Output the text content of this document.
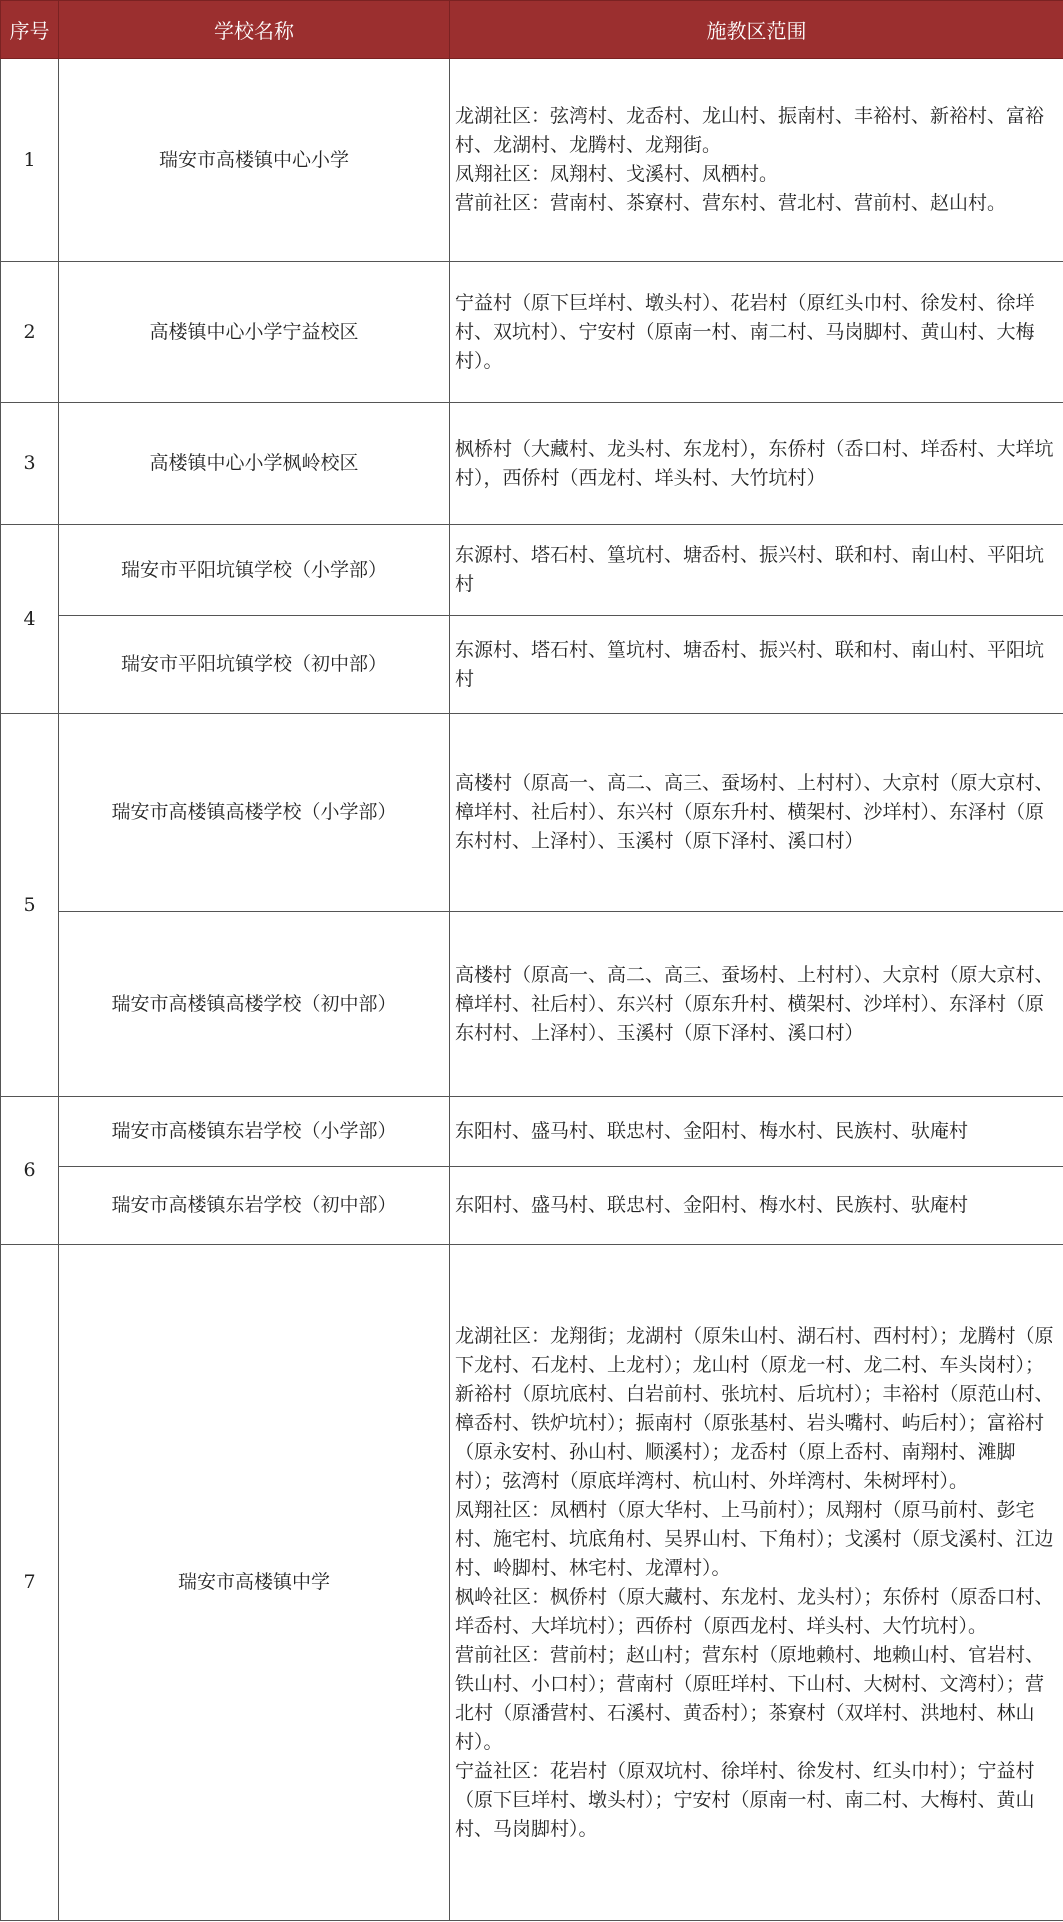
序号	学校名称	施教区范围
1	瑞安市高楼镇中心小学	龙湖社区：弦湾村、龙岙村、龙山村、振南村、丰裕村、新裕村、富裕村、龙湖村、龙腾村、龙翔街。
凤翔社区：凤翔村、戈溪村、凤栖村。
营前社区：营南村、茶寮村、营东村、营北村、营前村、赵山村。
2	高楼镇中心小学宁益校区	宁益村（原下巨垟村、墩头村）、花岩村（原红头巾村、徐发村、徐垟村、双坑村）、宁安村（原南一村、南二村、马岗脚村、黄山村、大梅村）。
3	高楼镇中心小学枫岭校区	枫桥村（大藏村、龙头村、东龙村），东侨村（岙口村、垟岙村、大垟坑村），西侨村（西龙村、垟头村、大竹坑村）
4	瑞安市平阳坑镇学校（小学部）	东源村、塔石村、篁坑村、塘岙村、振兴村、联和村、南山村、平阳坑村
	瑞安市平阳坑镇学校（初中部）	东源村、塔石村、篁坑村、塘岙村、振兴村、联和村、南山村、平阳坑村
5	瑞安市高楼镇高楼学校（小学部）	高楼村（原高一、高二、高三、蚕场村、上村村）、大京村（原大京村、樟垟村、社后村）、东兴村（原东升村、横架村、沙垟村）、东泽村（原东村村、上泽村）、玉溪村（原下泽村、溪口村）
	瑞安市高楼镇高楼学校（初中部）	高楼村（原高一、高二、高三、蚕场村、上村村）、大京村（原大京村、樟垟村、社后村）、东兴村（原东升村、横架村、沙垟村）、东泽村（原东村村、上泽村）、玉溪村（原下泽村、溪口村）
6	瑞安市高楼镇东岩学校（小学部）	东阳村、盛马村、联忠村、金阳村、梅水村、民族村、驮庵村
	瑞安市高楼镇东岩学校（初中部）	东阳村、盛马村、联忠村、金阳村、梅水村、民族村、驮庵村
7	瑞安市高楼镇中学	龙湖社区：龙翔街；龙湖村（原朱山村、湖石村、西村村）；龙腾村（原下龙村、石龙村、上龙村）；龙山村（原龙一村、龙二村、车头岗村）；新裕村（原坑底村、白岩前村、张坑村、后坑村）；丰裕村（原范山村、樟岙村、铁炉坑村）；振南村（原张基村、岩头嘴村、屿后村）；富裕村（原永安村、孙山村、顺溪村）；龙岙村（原上岙村、南翔村、滩脚村）；弦湾村（原底垟湾村、杭山村、外垟湾村、朱树坪村）。
凤翔社区：凤栖村（原大华村、上马前村）；凤翔村（原马前村、彭宅村、施宅村、坑底角村、吴界山村、下角村）；戈溪村（原戈溪村、江边村、岭脚村、林宅村、龙潭村）。
枫岭社区：枫侨村（原大藏村、东龙村、龙头村）；东侨村（原岙口村、垟岙村、大垟坑村）；西侨村（原西龙村、垟头村、大竹坑村）。
营前社区：营前村；赵山村；营东村（原地赖村、地赖山村、官岩村、铁山村、小口村）；营南村（原旺垟村、下山村、大树村、文湾村）；营北村（原潘营村、石溪村、黄岙村）；茶寮村（双垟村、洪地村、林山村）。
宁益社区：花岩村（原双坑村、徐垟村、徐发村、红头巾村）；宁益村（原下巨垟村、墩头村）；宁安村（原南一村、南二村、大梅村、黄山村、马岗脚村）。
